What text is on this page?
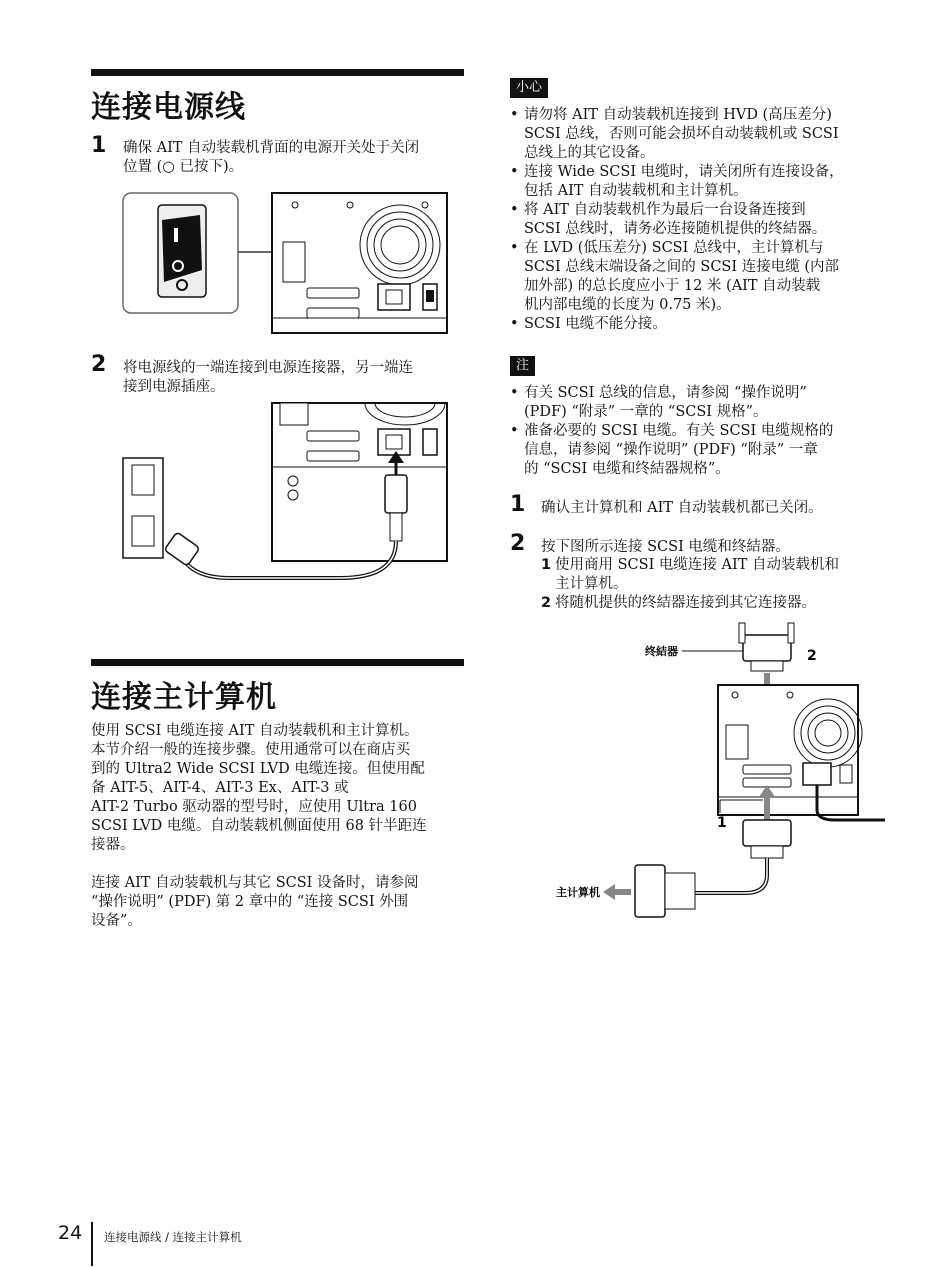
连接电源线
1 确保 AIT 自动装载机背面的电源开关处于关闭
位置 (○ 已按下)。
2 将电源线的一端连接到电源连接器，另一端连
接到电源插座。
连接主计算机
使用 SCSI 电缆连接 AIT 自动装载机和主计算机。
本节介绍一般的连接步骤。使用通常可以在商店买
到的 Ultra2 Wide SCSI LVD 电缆连接。但使用配
备 AIT-5、AIT-4、AIT-3 Ex、AIT-3 或
AIT-2 Turbo 驱动器的型号时，应使用 Ultra 160
SCSI LVD 电缆。自动装载机侧面使用 68 针半距连
接器。
连接 AIT 自动装载机与其它 SCSI 设备时，请参阅
“操作说明” (PDF) 第 2 章中的 “连接 SCSI 外围
设备”。
小心
• 请勿将 AIT 自动装载机连接到 HVD (高压差分)
SCSI 总线，否则可能会损坏自动装载机或 SCSI
总线上的其它设备。
• 连接 Wide SCSI 电缆时，请关闭所有连接设备，
包括 AIT 自动装载机和主计算机。
• 将 AIT 自动装载机作为最后一台设备连接到
SCSI 总线时，请务必连接随机提供的终結器。
• 在 LVD (低压差分) SCSI 总线中，主计算机与
SCSI 总线末端设备之间的 SCSI 连接电缆 (内部
加外部) 的总长度应小于 12 米 (AIT 自动装载
机内部电缆的长度为 0.75 米)。
• SCSI 电缆不能分接。
注
• 有关 SCSI 总线的信息，请参阅 “操作说明”
(PDF) “附录” 一章的 “SCSI 规格”。
• 准备必要的 SCSI 电缆。有关 SCSI 电缆规格的
信息，请参阅 “操作说明” (PDF) “附录” 一章
的 “SCSI 电缆和终結器规格”。
1 确认主计算机和 AIT 自动装载机都已关闭。
2 按下图所示连接 SCSI 电缆和终結器。
1 使用商用 SCSI 电缆连接 AIT 自动装载机和
主计算机。
2 将随机提供的终結器连接到其它连接器。
终結器	2
1
主计算机
24 连接电源线 / 连接主计算机
